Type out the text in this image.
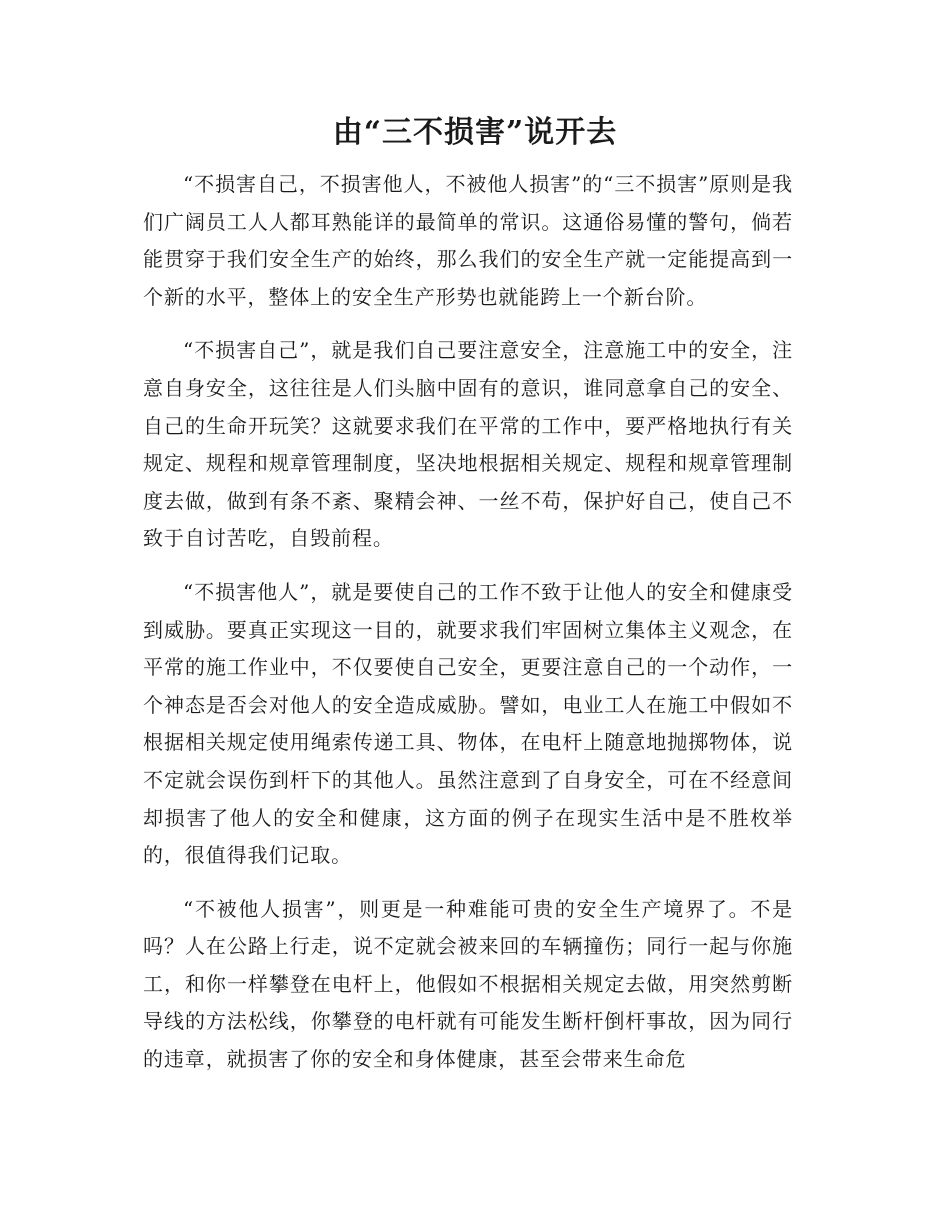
由“三不损害”说开去

“不损害自己，不损害他人，不被他人损害”的“三不损害”原则是我们广阔员工人人都耳熟能详的最简单的常识。这通俗易懂的警句，倘若能贯穿于我们安全生产的始终，那么我们的安全生产就一定能提高到一个新的水平，整体上的安全生产形势也就能跨上一个新台阶。

“不损害自己”，就是我们自己要注意安全，注意施工中的安全，注意自身安全，这往往是人们头脑中固有的意识，谁同意拿自己的安全、自己的生命开玩笑？这就要求我们在平常的工作中，要严格地执行有关规定、规程和规章管理制度，坚决地根据相关规定、规程和规章管理制度去做，做到有条不紊、聚精会神、一丝不苟，保护好自己，使自己不致于自讨苦吃，自毁前程。

“不损害他人”，就是要使自己的工作不致于让他人的安全和健康受到威胁。要真正实现这一目的，就要求我们牢固树立集体主义观念，在平常的施工作业中，不仅要使自己安全，更要注意自己的一个动作，一个神态是否会对他人的安全造成威胁。譬如，电业工人在施工中假如不根据相关规定使用绳索传递工具、物体，在电杆上随意地抛掷物体，说不定就会误伤到杆下的其他人。虽然注意到了自身安全，可在不经意间却损害了他人的安全和健康，这方面的例子在现实生活中是不胜枚举的，很值得我们记取。

“不被他人损害”，则更是一种难能可贵的安全生产境界了。不是吗？人在公路上行走，说不定就会被来回的车辆撞伤；同行一起与你施工，和你一样攀登在电杆上，他假如不根据相关规定去做，用突然剪断导线的方法松线，你攀登的电杆就有可能发生断杆倒杆事故，因为同行的违章，就损害了你的安全和身体健康，甚至会带来生命危
